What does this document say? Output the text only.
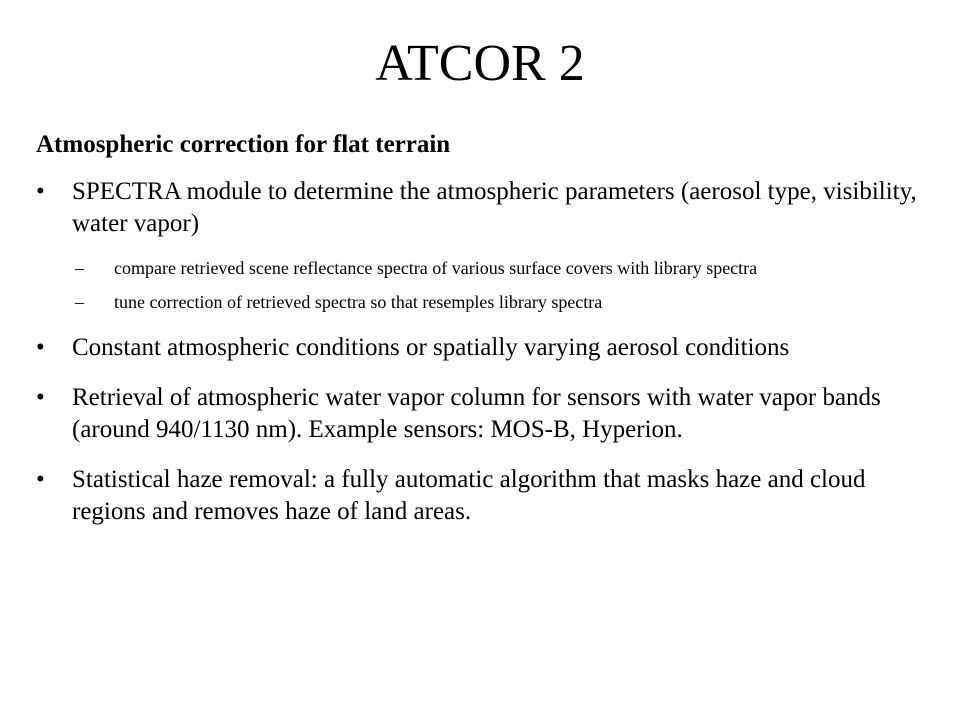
ATCOR 2
Atmospheric correction for flat terrain
•	SPECTRA module to determine the atmospheric parameters (aerosol type, visibility, water vapor)
–	compare retrieved scene reflectance spectra of various surface covers with library spectra
–	tune correction of retrieved spectra so that resemples library spectra
•	Constant atmospheric conditions or spatially varying aerosol conditions
•	Retrieval of atmospheric water vapor column for sensors with water vapor bands (around 940/1130 nm). Example sensors: MOS-B, Hyperion.
•	Statistical haze removal: a fully automatic algorithm that masks haze and cloud regions and removes haze of land areas.
